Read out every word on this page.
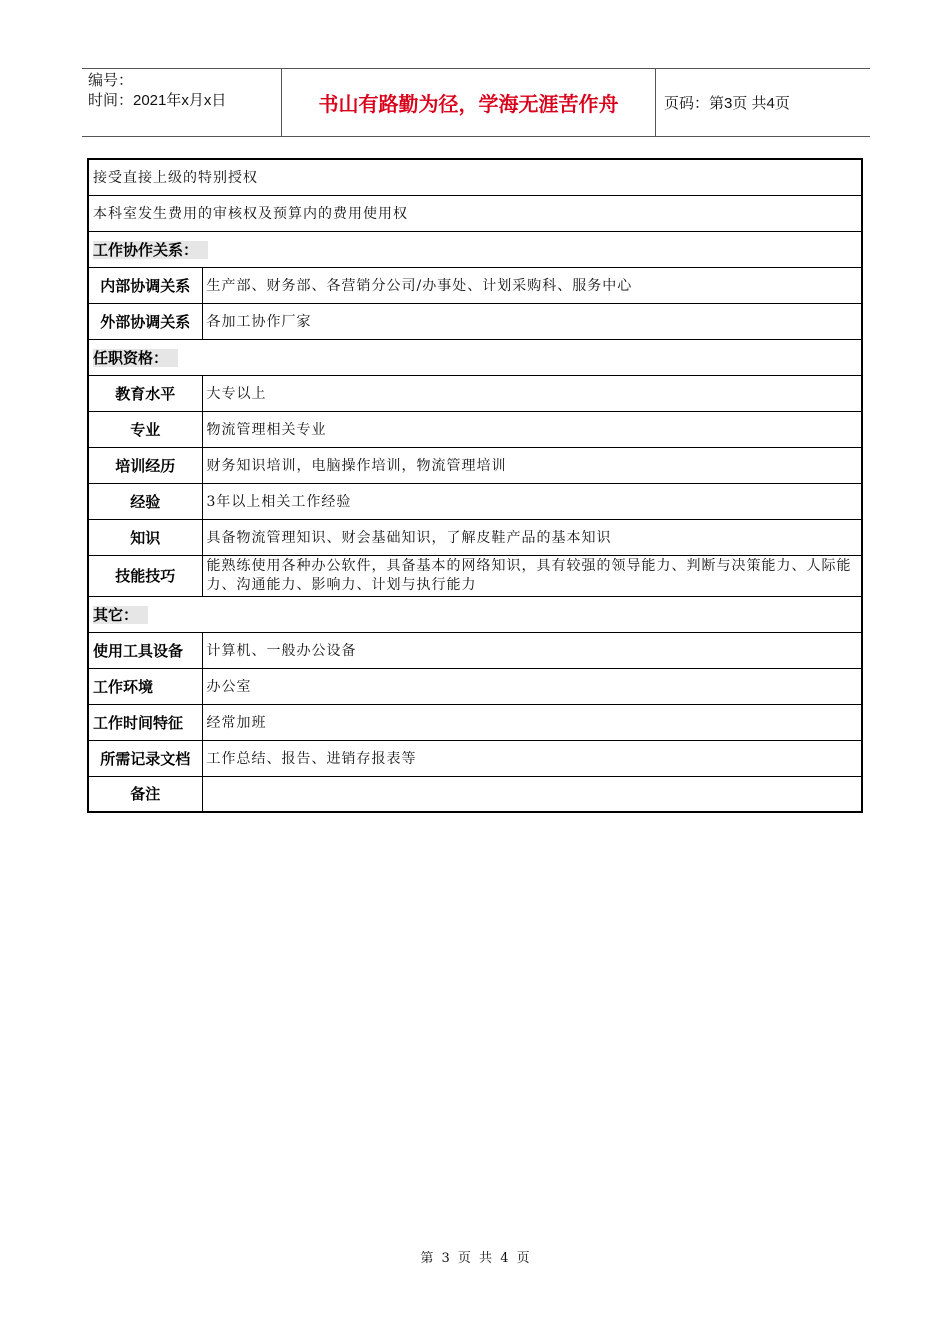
编号：
时间：2021年x月x日	书山有路勤为径，学海无涯苦作舟	页码：第3页 共4页
接受直接上级的特别授权	
本科室发生费用的审核权及预算内的费用使用权	
工作协作关系：	
内部协调关系	生产部、财务部、各营销分公司/办事处、计划采购科、服务中心
外部协调关系	各加工协作厂家
任职资格：	
教育水平	大专以上
专业	物流管理相关专业
培训经历	财务知识培训，电脑操作培训，物流管理培训
经验	3年以上相关工作经验
知识	具备物流管理知识、财会基础知识，了解皮鞋产品的基本知识
技能技巧	能熟练使用各种办公软件，具备基本的网络知识，具有较强的领导能力、判断与决策能力、人际能力、沟通能力、影响力、计划与执行能力
其它：	
使用工具设备	计算机、一般办公设备
工作环境	办公室
工作时间特征	经常加班
所需记录文档	工作总结、报告、进销存报表等
备注	
第 3 页 共 4 页
